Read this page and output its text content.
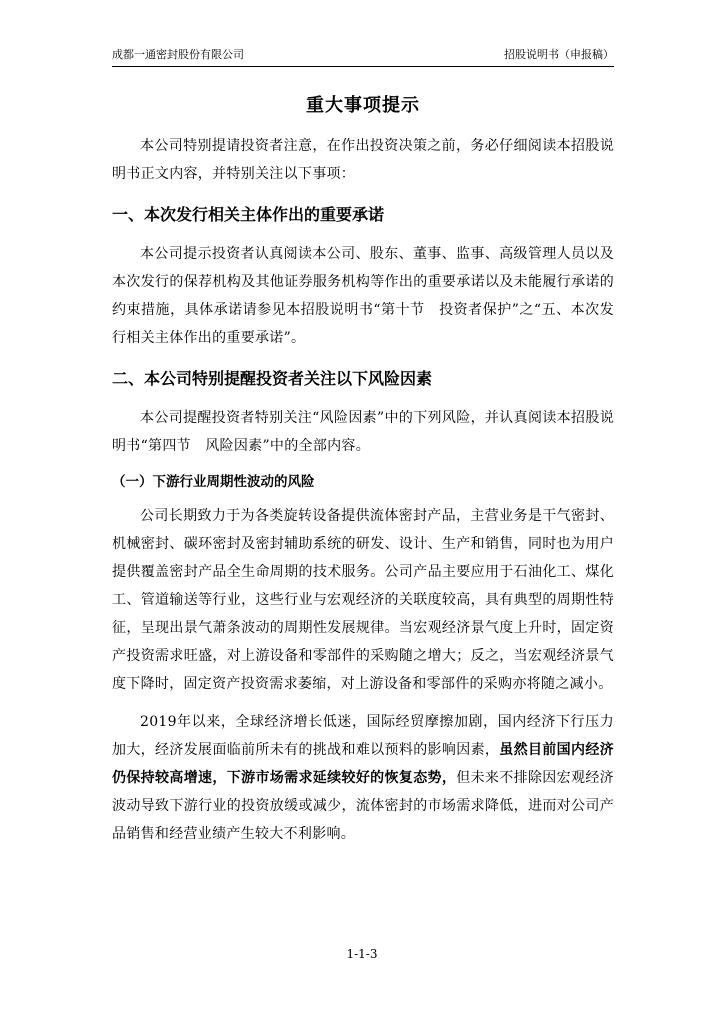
成都一通密封股份有限公司	招股说明书（申报稿）
重大事项提示

本公司特别提请投资者注意，在作出投资决策之前，务必仔细阅读本招股说明书正文内容，并特别关注以下事项：

一、本次发行相关主体作出的重要承诺

本公司提示投资者认真阅读本公司、股东、董事、监事、高级管理人员以及本次发行的保荐机构及其他证券服务机构等作出的重要承诺以及未能履行承诺的约束措施，具体承诺请参见本招股说明书“第十节　投资者保护”之“五、本次发行相关主体作出的重要承诺”。

二、本公司特别提醒投资者关注以下风险因素

本公司提醒投资者特别关注“风险因素”中的下列风险，并认真阅读本招股说明书“第四节　风险因素”中的全部内容。

（一）下游行业周期性波动的风险

公司长期致力于为各类旋转设备提供流体密封产品，主营业务是干气密封、机械密封、碳环密封及密封辅助系统的研发、设计、生产和销售，同时也为用户提供覆盖密封产品全生命周期的技术服务。公司产品主要应用于石油化工、煤化工、管道输送等行业，这些行业与宏观经济的关联度较高，具有典型的周期性特征，呈现出景气萧条波动的周期性发展规律。当宏观经济景气度上升时，固定资产投资需求旺盛，对上游设备和零部件的采购随之增大；反之，当宏观经济景气度下降时，固定资产投资需求萎缩，对上游设备和零部件的采购亦将随之减小。

2019年以来，全球经济增长低迷，国际经贸摩擦加剧，国内经济下行压力加大，经济发展面临前所未有的挑战和难以预料的影响因素，虽然目前国内经济仍保持较高增速，下游市场需求延续较好的恢复态势，但未来不排除因宏观经济波动导致下游行业的投资放缓或减少，流体密封的市场需求降低，进而对公司产品销售和经营业绩产生较大不利影响。

1-1-3
